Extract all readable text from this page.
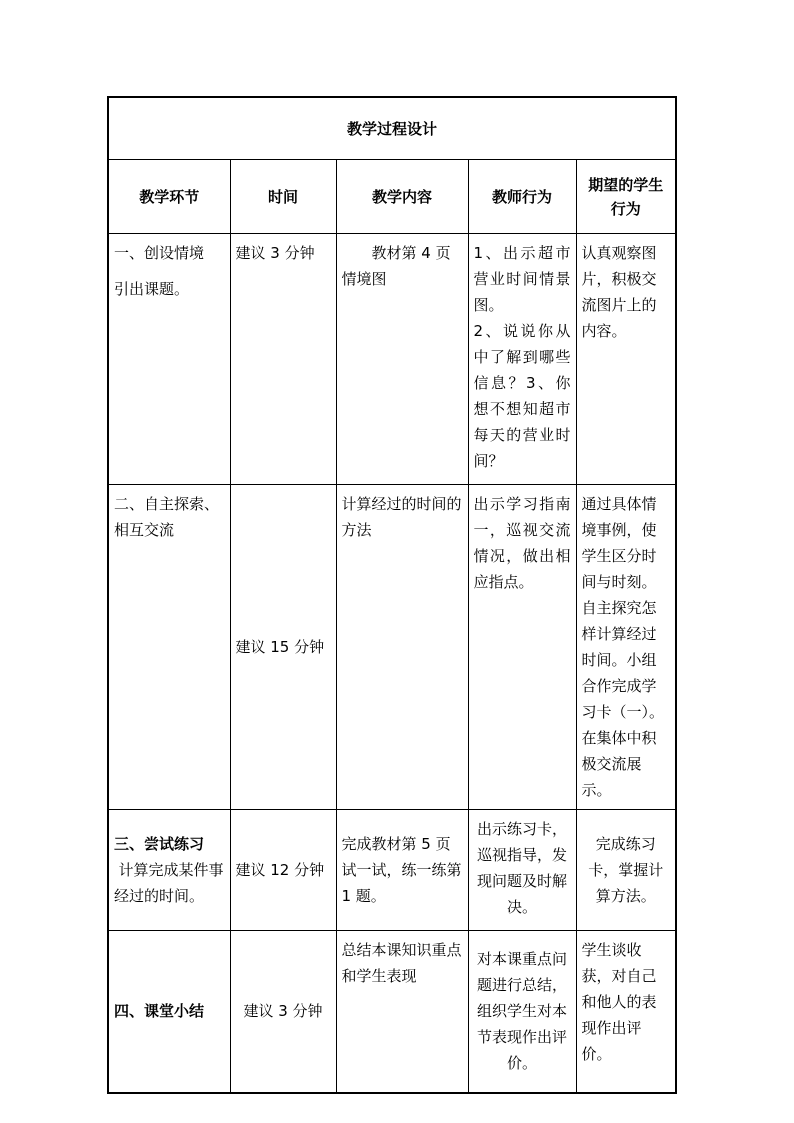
教学过程设计				
教学环节	时间	教学内容	教师行为	期望的学生行为

一、创设情境
引出课题。	建议 3 分钟	教材第 4 页情境图	1、出示超市营业时间情景图。
2、说说你从中了解到哪些信息？3、你想不想知超市每天的营业时间？	认真观察图片，积极交流图片上的内容。

二、自主探索、相互交流	建议 15 分钟	计算经过的时间的方法	出示学习指南一，巡视交流情况，做出相应指点。	通过具体情境事例，使学生区分时间与时刻。自主探究怎样计算经过时间。小组合作完成学习卡（一）。在集体中积极交流展示。

三、尝试练习
计算完成某件事经过的时间。	建议 12 分钟	完成教材第 5 页试一试，练一练第 1 题。	出示练习卡，巡视指导，发现问题及时解决。	完成练习卡，掌握计算方法。

四、课堂小结	建议 3 分钟	总结本课知识重点和学生表现	对本课重点问题进行总结，组织学生对本节表现作出评价。	学生谈收获，对自己和他人的表现作出评价。
